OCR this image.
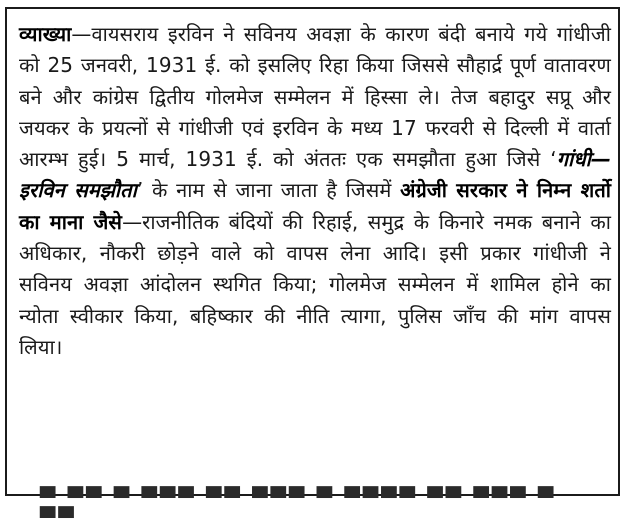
व्याख्या—वायसराय इरविन ने सविनय अवज्ञा के कारण बंदी बनाये गये गांधीजी को 25 जनवरी, 1931 ई. को इसलिए रिहा किया जिससे सौहार्द्र पूर्ण वातावरण बने और कांग्रेस द्वितीय गोलमेज सम्मेलन में हिस्सा ले। तेज बहादुर सप्रू और जयकर के प्रयत्नों से गांधीजी एवं इरविन के मध्य 17 फरवरी से दिल्ली में वार्ता आरम्भ हुई। 5 मार्च, 1931 ई. को अंततः एक समझौता हुआ जिसे ‘गांधी—इरविन समझौता’ के नाम से जाना जाता है जिसमें अंग्रेजी सरकार ने निम्न शर्तो का माना जैसे—राजनीतिक बंदियों की रिहाई, समुद्र के किनारे नमक बनाने का अधिकार, नौकरी छोड़ने वाले को वापस लेना आदि। इसी प्रकार गांधीजी ने सविनय अवज्ञा आंदोलन स्थगित किया; गोलमेज सम्मेलन में शामिल होने का न्योता स्वीकार किया, बहिष्कार की नीति त्यागा, पुलिस जाँच की मांग वापस लिया।

▀ ▀▀ ▀ ▀▀▀ ▀▀ ▀▀▀ ▀ ▀▀▀▀ ▀▀ ▀▀▀ ▀ ▀▀
